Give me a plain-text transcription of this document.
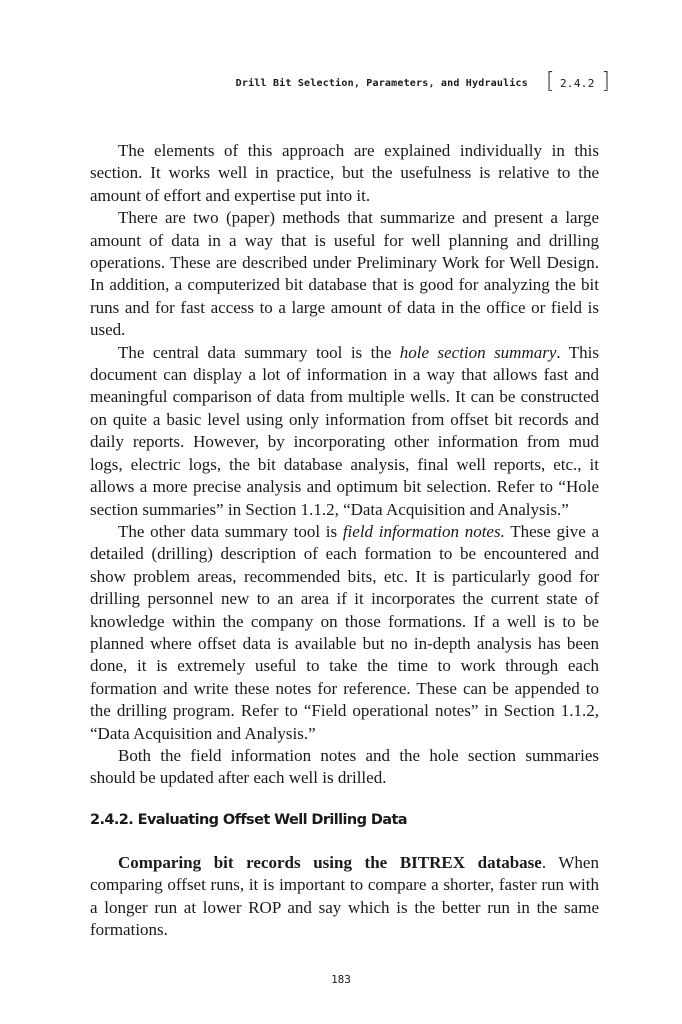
Drill Bit Selection, Parameters, and Hydraulics [ 2.4.2 ]

The elements of this approach are explained individually in this section. It works well in practice, but the usefulness is relative to the amount of effort and expertise put into it.

There are two (paper) methods that summarize and present a large amount of data in a way that is useful for well planning and drilling operations. These are described under Preliminary Work for Well Design. In addition, a computerized bit database that is good for analyzing the bit runs and for fast access to a large amount of data in the office or field is used.

The central data summary tool is the hole section summary. This document can display a lot of information in a way that allows fast and meaningful comparison of data from multiple wells. It can be constructed on quite a basic level using only information from offset bit records and daily reports. However, by incorporating other information from mud logs, electric logs, the bit database analysis, final well reports, etc., it allows a more precise analysis and optimum bit selection. Refer to “Hole section summaries” in Section 1.1.2, “Data Acquisition and Analysis.”

The other data summary tool is field information notes. These give a detailed (drilling) description of each formation to be encountered and show problem areas, recommended bits, etc. It is particularly good for drilling personnel new to an area if it incorporates the current state of knowledge within the company on those formations. If a well is to be planned where offset data is available but no in-depth analysis has been done, it is extremely useful to take the time to work through each formation and write these notes for reference. These can be appended to the drilling program. Refer to “Field operational notes” in Section 1.1.2, “Data Acquisition and Analysis.”

Both the field information notes and the hole section summaries should be updated after each well is drilled.

2.4.2. Evaluating Offset Well Drilling Data

Comparing bit records using the BITREX database. When comparing offset runs, it is important to compare a shorter, faster run with a longer run at lower ROP and say which is the better run in the same formations.

183
